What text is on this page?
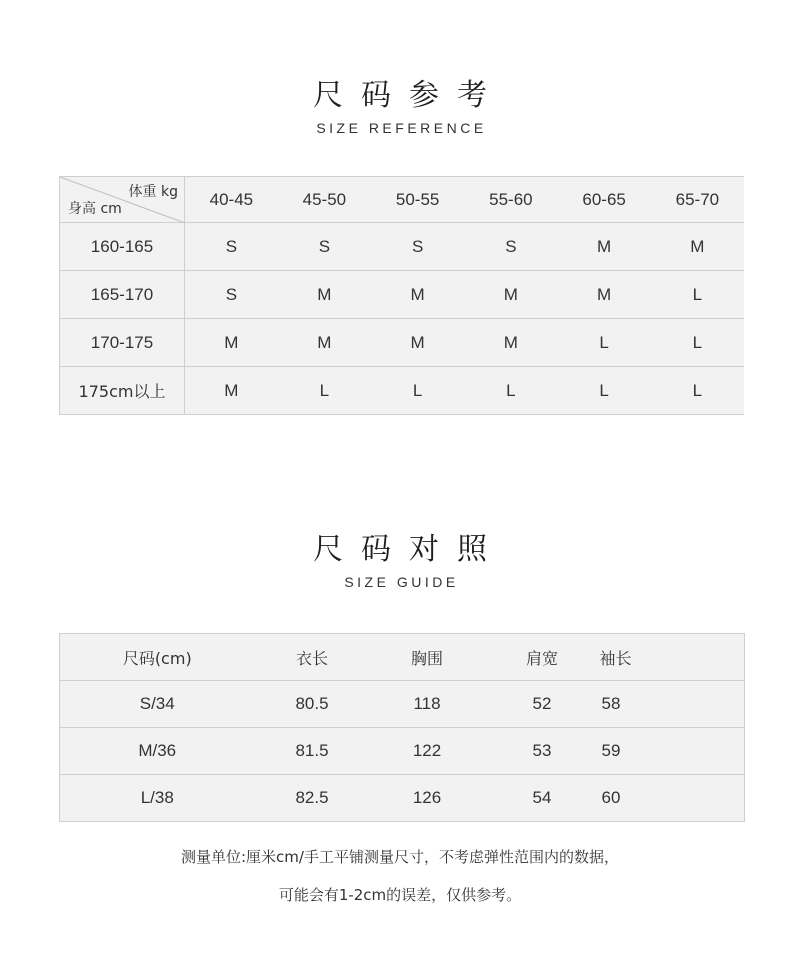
尺码参考
SIZE REFERENCE
体重 kg
身高 cm	40-45	45-50	50-55	55-60	60-65	65-70
160-165	S	S	S	S	M	M
165-170	S	M	M	M	M	L
170-175	M	M	M	M	L	L
175cm以上	M	L	L	L	L	L
尺码对照
SIZE GUIDE
尺码(cm)	衣长	胸围	肩宽	袖长
S/34	80.5	118	52	58
M/36	81.5	122	53	59
L/38	82.5	126	54	60
测量单位:厘米cm/手工平铺测量尺寸，不考虑弹性范围内的数据，
可能会有1-2cm的误差，仅供参考。
